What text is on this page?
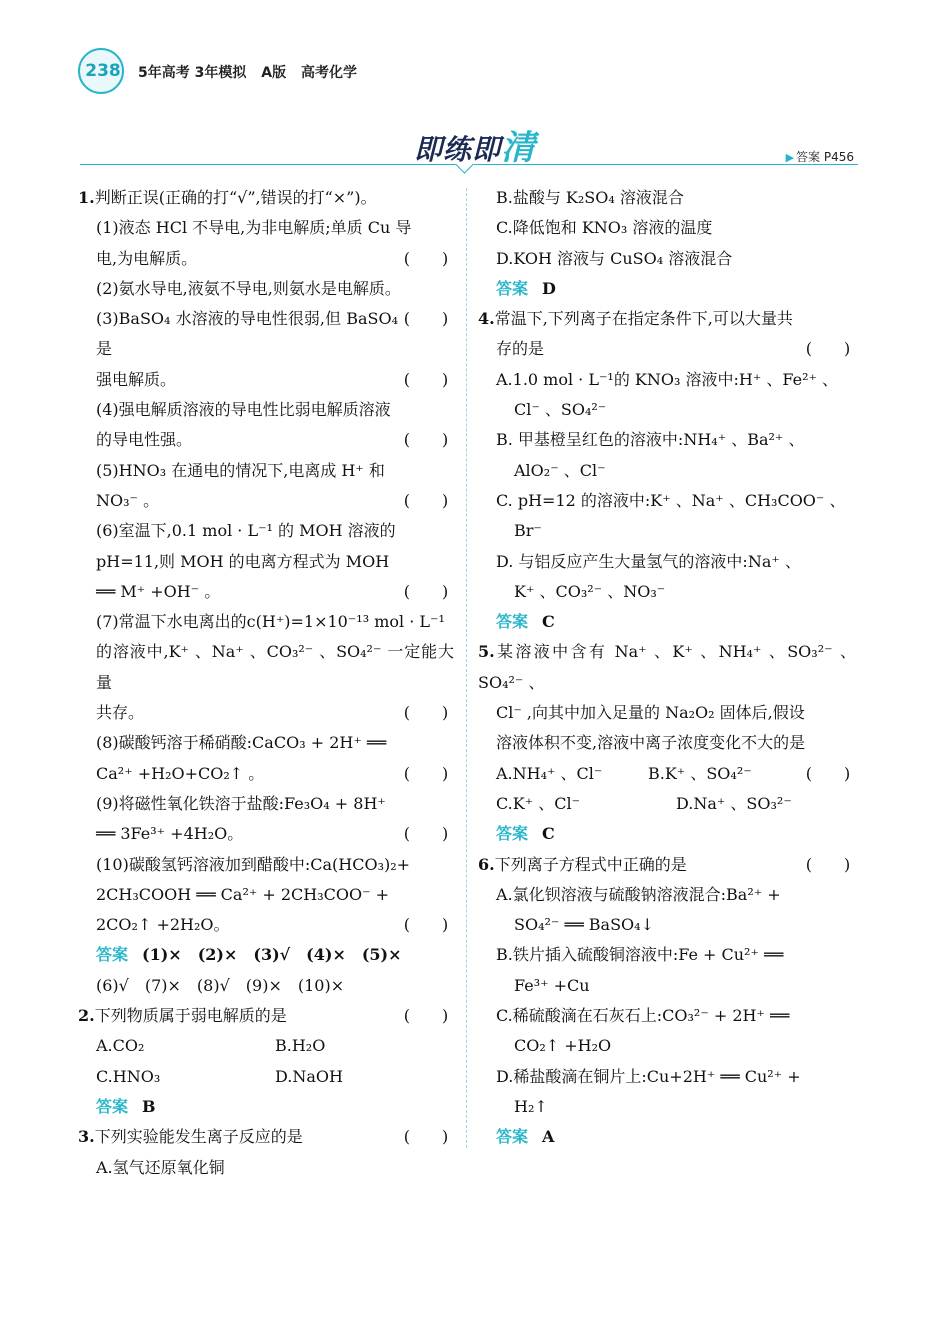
238	5年高考 3年模拟 A版 高考化学
即练即清	▶ 答案 P456
1.判断正误(正确的打“√”,错误的打“×”)。
(1)液态 HCl 不导电,为非电解质;单质 Cu 导
(　　)
电,为电解质。
(2)氨水导电,液氨不导电,则氨水是电解质。
(　　)
(3)BaSO₄ 水溶液的导电性很弱,但 BaSO₄ 是
(　　)
强电解质。
(4)强电解质溶液的导电性比弱电解质溶液
(　　)
的导电性强。
(5)HNO₃ 在通电的情况下,电离成 H⁺ 和
(　　)
NO₃⁻ 。
(6)室温下,0.1 mol · L⁻¹ 的 MOH 溶液的
pH=11,则 MOH 的电离方程式为 MOH
(　　)
══ M⁺ +OH⁻ 。
(7)常温下水电离出的c(H⁺)=1×10⁻¹³ mol · L⁻¹
的溶液中,K⁺ 、Na⁺ 、CO₃²⁻ 、SO₄²⁻ 一定能大量
(　　)
共存。
(8)碳酸钙溶于稀硝酸:CaCO₃ + 2H⁺ ══
(　　)
Ca²⁺ +H₂O+CO₂↑ 。
(9)将磁性氧化铁溶于盐酸:Fe₃O₄ + 8H⁺
(　　)
══ 3Fe³⁺ +4H₂O。
(10)碳酸氢钙溶液加到醋酸中:Ca(HCO₃)₂+
2CH₃COOH ══ Ca²⁺ + 2CH₃COO⁻ +
(　　)
2CO₂↑ +2H₂O。
答案 (1)×　(2)×　(3)√　(4)×　(5)×
(6)√　(7)×　(8)√　(9)×　(10)×
(　　)
2.下列物质属于弱电解质的是
A.CO₂	B.H₂O
C.HNO₃	D.NaOH
答案 B
(　　)
3.下列实验能发生离子反应的是
A.氢气还原氧化铜
B.盐酸与 K₂SO₄ 溶液混合
C.降低饱和 KNO₃ 溶液的温度
D.KOH 溶液与 CuSO₄ 溶液混合
答案 D
4.常温下,下列离子在指定条件下,可以大量共
(　　)
存的是
A.1.0 mol · L⁻¹的 KNO₃ 溶液中:H⁺ 、Fe²⁺ 、
Cl⁻ 、SO₄²⁻
B. 甲基橙呈红色的溶液中:NH₄⁺ 、Ba²⁺ 、
AlO₂⁻ 、Cl⁻
C. pH=12 的溶液中:K⁺ 、Na⁺ 、CH₃COO⁻ 、
Br⁻
D. 与铝反应产生大量氢气的溶液中:Na⁺ 、
K⁺ 、CO₃²⁻ 、NO₃⁻
答案 C
5.某溶液中含有 Na⁺ 、K⁺ 、NH₄⁺ 、SO₃²⁻ 、SO₄²⁻ 、
Cl⁻ ,向其中加入足量的 Na₂O₂ 固体后,假设
溶液体积不变,溶液中离子浓度变化不大的是
(　　)
A.NH₄⁺ 、Cl⁻	B.K⁺ 、SO₄²⁻
C.K⁺ 、Cl⁻	D.Na⁺ 、SO₃²⁻
答案 C
(　　)
6.下列离子方程式中正确的是
A.氯化钡溶液与硫酸钠溶液混合:Ba²⁺ +
SO₄²⁻ ══ BaSO₄↓
B.铁片插入硫酸铜溶液中:Fe + Cu²⁺ ══
Fe³⁺ +Cu
C.稀硫酸滴在石灰石上:CO₃²⁻ + 2H⁺ ══
CO₂↑ +H₂O
D.稀盐酸滴在铜片上:Cu+2H⁺ ══ Cu²⁺ +
H₂↑
答案 A
